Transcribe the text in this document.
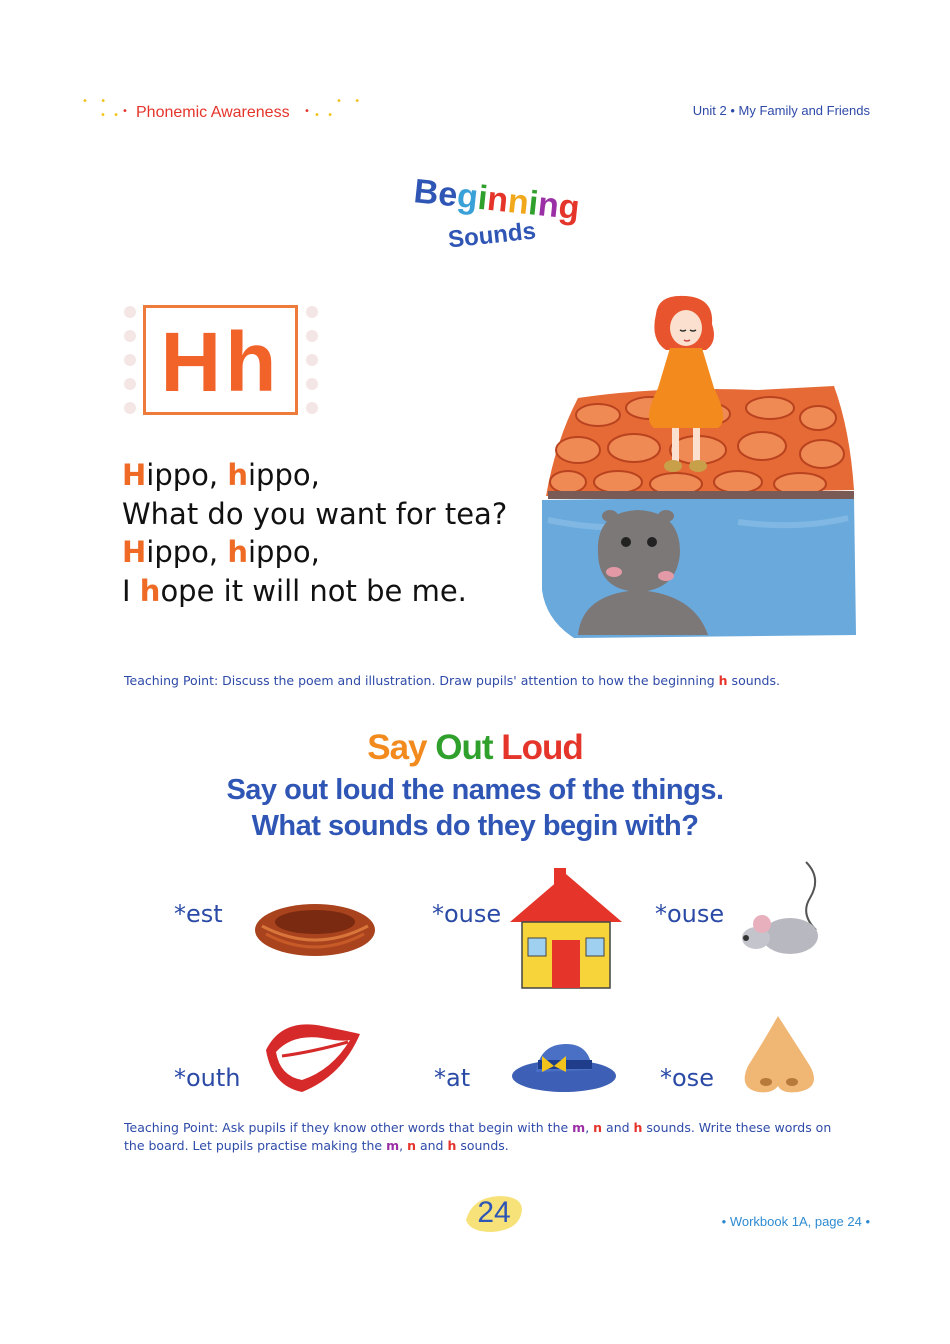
•  •
• • • Phonemic Awareness • • •
•  •
Unit 2 • My Family and Friends
Beginning
Sounds
Hh
Hippo, hippo,
What do you want for tea?
Hippo, hippo,
I hope it will not be me.
Teaching Point: Discuss the poem and illustration. Draw pupils' attention to how the beginning h sounds.
Say Out Loud
Say out loud the names of the things.
What sounds do they begin with?
*est	*ouse	*ouse
*outh	*at	*ose
Teaching Point: Ask pupils if they know other words that begin with the m, n and h sounds. Write these words on the board. Let pupils practise making the m, n and h sounds.
24	• Workbook 1A, page 24 •
